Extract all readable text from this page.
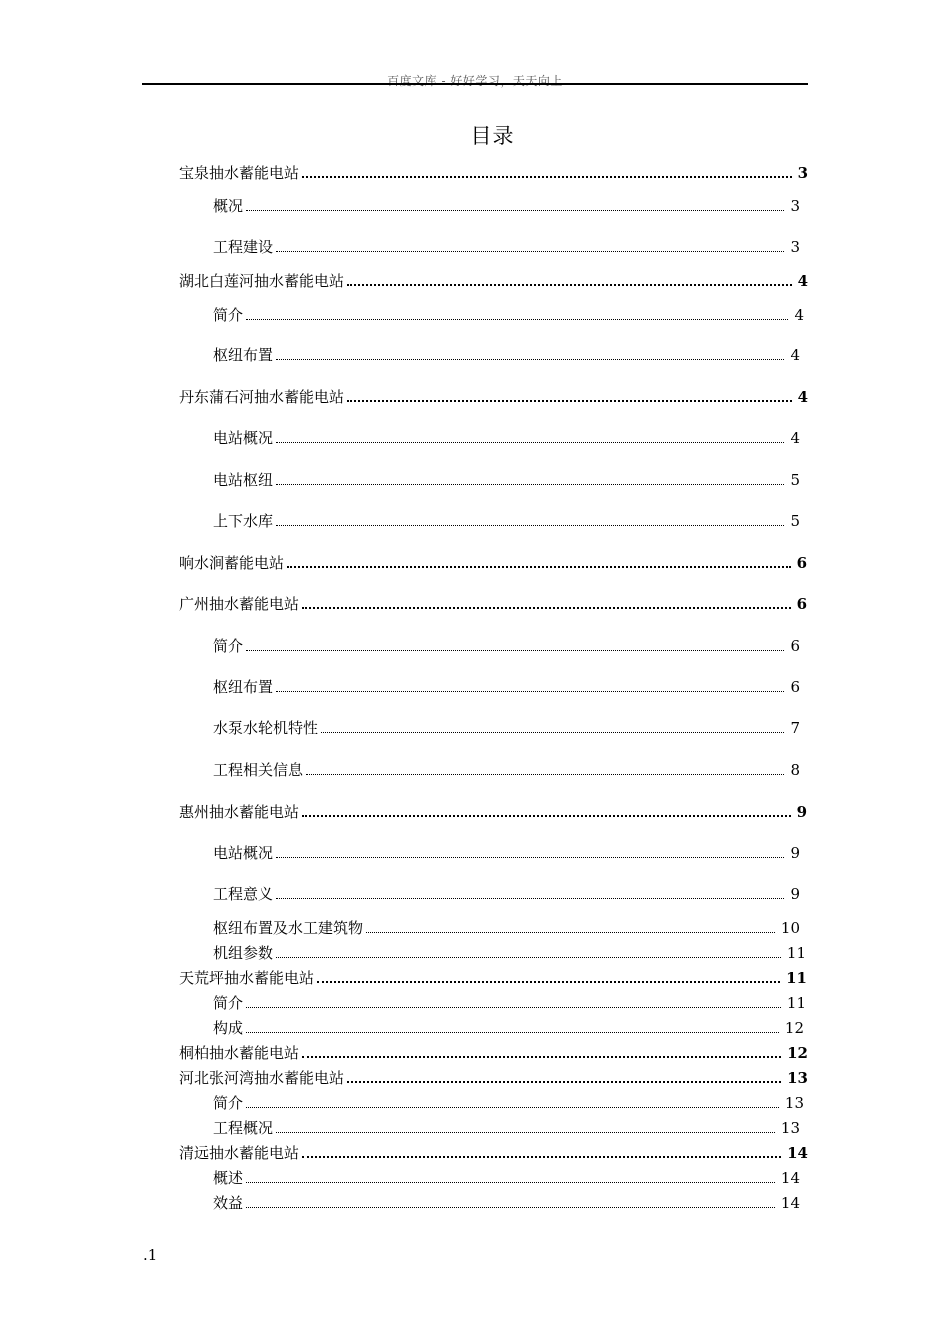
百度文库 - 好好学习，天天向上
目录
宝泉抽水蓄能电站	3
概况	3
工程建设	3
湖北白莲河抽水蓄能电站	4
简介	4
枢纽布置	4
丹东蒲石河抽水蓄能电站	4
电站概况	4
电站枢纽	5
上下水库	5
响水涧蓄能电站	6
广州抽水蓄能电站	6
简介	6
枢纽布置	6
水泵水轮机特性	7
工程相关信息	8
惠州抽水蓄能电站	9
电站概况	9
工程意义	9
枢纽布置及水工建筑物	10
机组参数	11
天荒坪抽水蓄能电站	11
简介	11
构成	12
桐柏抽水蓄能电站	12
河北张河湾抽水蓄能电站	13
简介	13
工程概况	13
清远抽水蓄能电站	14
概述	14
效益	14
.1
